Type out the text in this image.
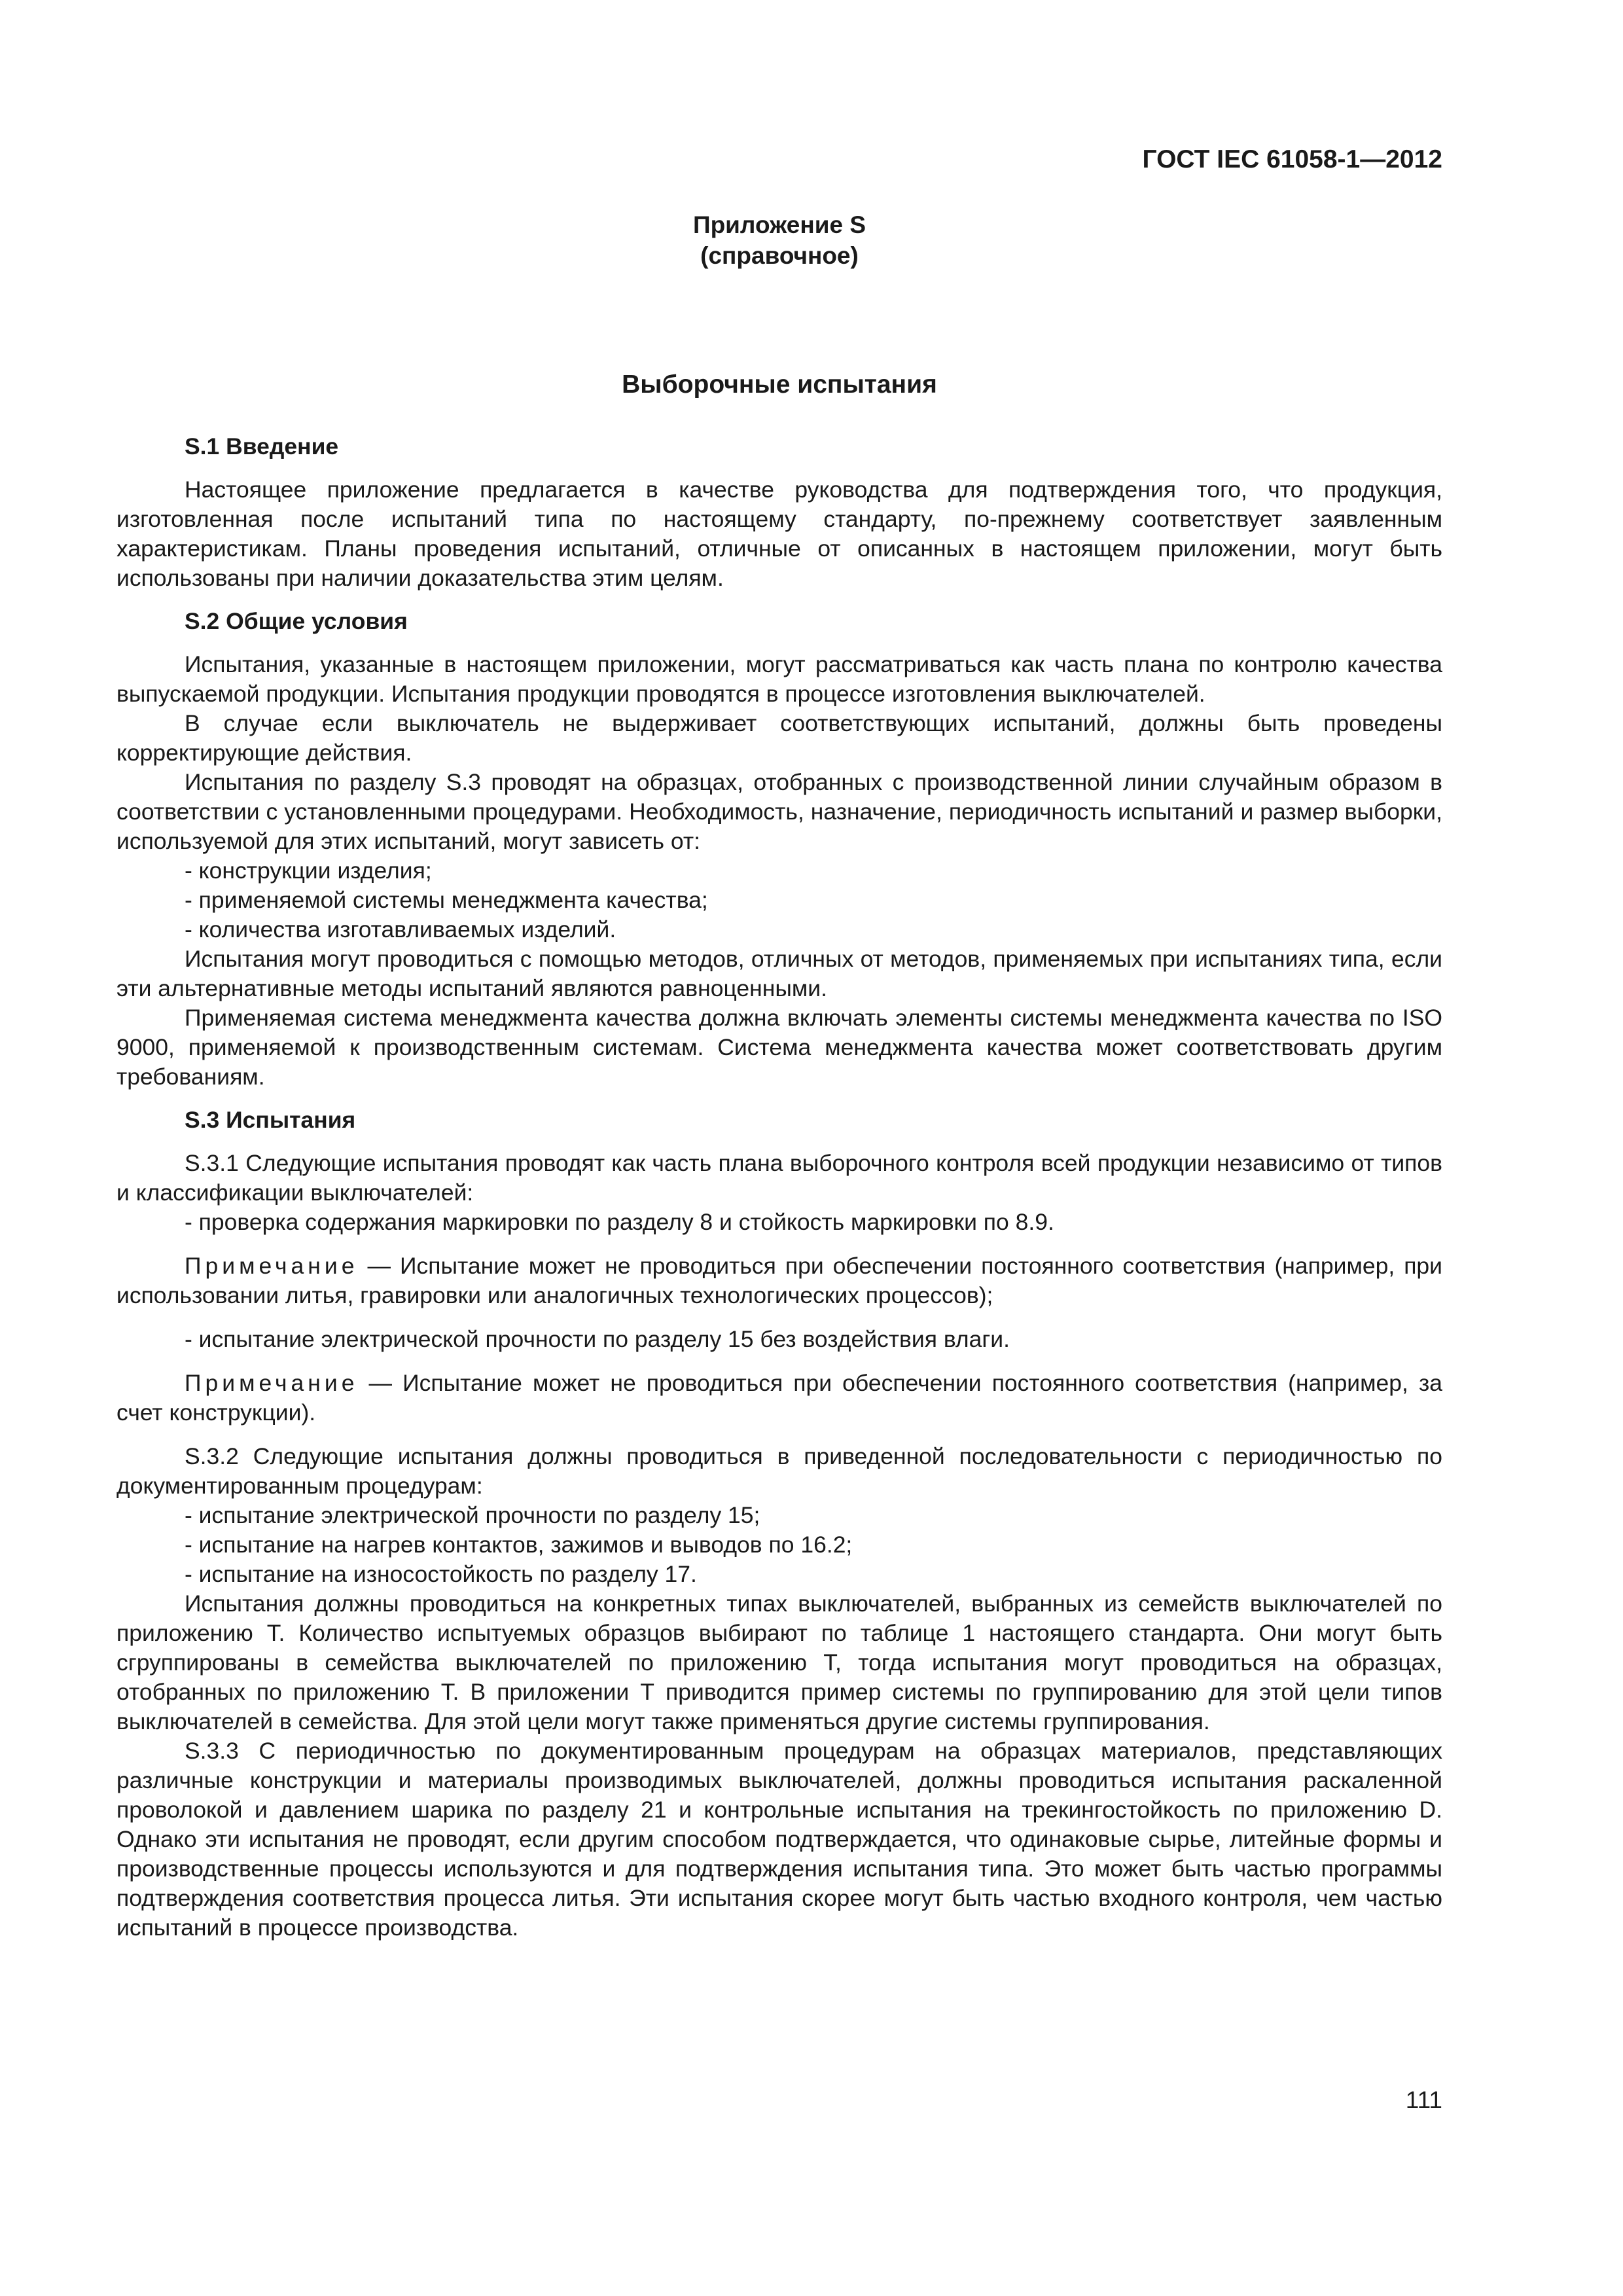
ГОСТ IEC 61058-1—2012
Приложение S
(справочное)
Выборочные испытания
S.1 Введение

Настоящее приложение предлагается в качестве руководства для подтверждения того, что продукция, изготовленная после испытаний типа по настоящему стандарту, по-прежнему соответствует заявленным характеристикам. Планы проведения испытаний, отличные от описанных в настоящем приложении, могут быть использованы при наличии доказательства этим целям.

S.2 Общие условия

Испытания, указанные в настоящем приложении, могут рассматриваться как часть плана по контролю качества выпускаемой продукции. Испытания продукции проводятся в процессе изготовления выключателей.

В случае если выключатель не выдерживает соответствующих испытаний, должны быть проведены корректирующие действия.

Испытания по разделу S.3 проводят на образцах, отобранных с производственной линии случайным образом в соответствии с установленными процедурами. Необходимость, назначение, периодичность испытаний и размер выборки, используемой для этих испытаний, могут зависеть от:

- конструкции изделия;
- применяемой системы менеджмента качества;
- количества изготавливаемых изделий.

Испытания могут проводиться с помощью методов, отличных от методов, применяемых при испытаниях типа, если эти альтернативные методы испытаний являются равноценными.

Применяемая система менеджмента качества должна включать элементы системы менеджмента качества по ISO 9000, применяемой к производственным системам. Система менеджмента качества может соответствовать другим требованиям.

S.3 Испытания

S.3.1 Следующие испытания проводят как часть плана выборочного контроля всей продукции независимо от типов и классификации выключателей:

- проверка содержания маркировки по разделу 8 и стойкость маркировки по 8.9.

Примечание — Испытание может не проводиться при обеспечении постоянного соответствия (например, при использовании литья, гравировки или аналогичных технологических процессов);

- испытание электрической прочности по разделу 15 без воздействия влаги.

Примечание — Испытание может не проводиться при обеспечении постоянного соответствия (например, за счет конструкции).

S.3.2 Следующие испытания должны проводиться в приведенной последовательности с периодичностью по документированным процедурам:

- испытание электрической прочности по разделу 15;
- испытание на нагрев контактов, зажимов и выводов по 16.2;
- испытание на износостойкость по разделу 17.

Испытания должны проводиться на конкретных типах выключателей, выбранных из семейств выключателей по приложению Т. Количество испытуемых образцов выбирают по таблице 1 настоящего стандарта. Они могут быть сгруппированы в семейства выключателей по приложению Т, тогда испытания могут проводиться на образцах, отобранных по приложению Т. В приложении Т приводится пример системы по группированию для этой цели типов выключателей в семейства. Для этой цели могут также применяться другие системы группирования.

S.3.3 С периодичностью по документированным процедурам на образцах материалов, представляющих различные конструкции и материалы производимых выключателей, должны проводиться испытания раскаленной проволокой и давлением шарика по разделу 21 и контрольные испытания на трекингостойкость по приложению D. Однако эти испытания не проводят, если другим способом подтверждается, что одинаковые сырье, литейные формы и производственные процессы используются и для подтверждения испытания типа. Это может быть частью программы подтверждения соответствия процесса литья. Эти испытания скорее могут быть частью входного контроля, чем частью испытаний в процессе производства.

111
